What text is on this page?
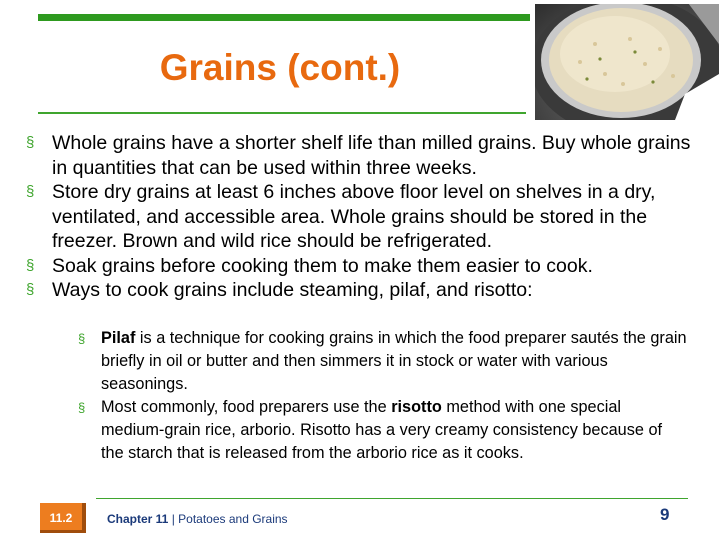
Grains (cont.)
§ Whole grains have a shorter shelf life than milled grains. Buy whole grains in quantities that can be used within three weeks.
§ Store dry grains at least 6 inches above floor level on shelves in a dry, ventilated, and accessible area. Whole grains should be stored in the freezer. Brown and wild rice should be refrigerated.
§ Soak grains before cooking them to make them easier to cook.
§ Ways to cook grains include steaming, pilaf, and risotto:
§ Pilaf is a technique for cooking grains in which the food preparer sautés the grain briefly in oil or butter and then simmers it in stock or water with various seasonings.
§ Most commonly, food preparers use the risotto method with one special medium-grain rice, arborio. Risotto has a very creamy consistency because of the starch that is released from the arborio rice as it cooks.
11.2	Chapter 11 | Potatoes and Grains	9
